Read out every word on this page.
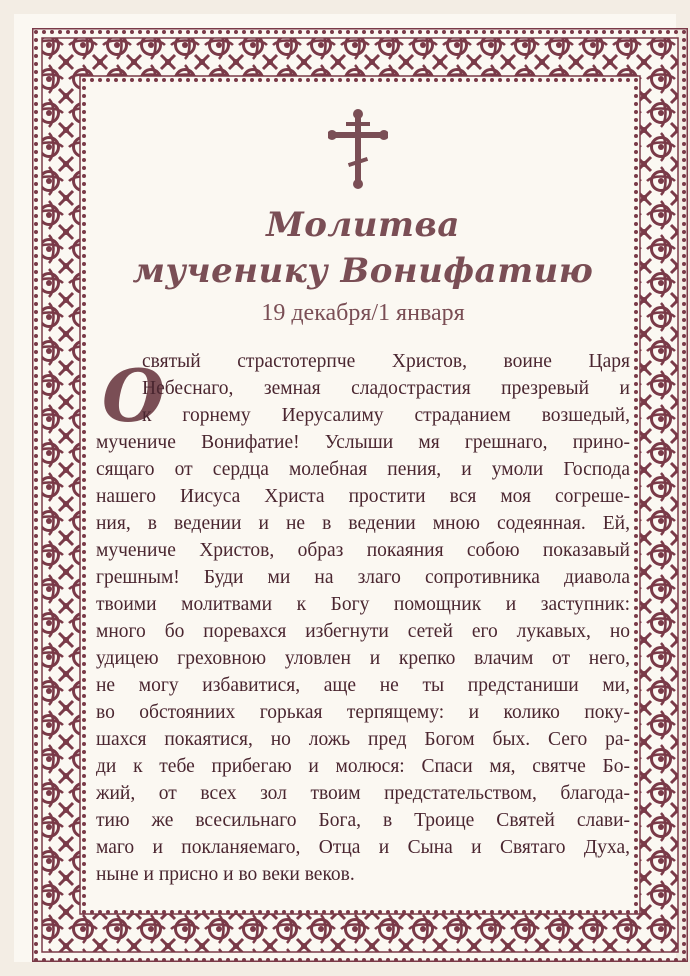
Молитва
мученику Вонифатию
19 декабря/1 января
О
святый страстотерпче Христов, воине Царя
Небеснаго, земная сладострастия презревый и
к горнему Иерусалиму страданием возшедый,
мучениче Вонифатие! Услыши мя грешнаго, прино-
сящаго от сердца молебная пения, и умоли Господа
нашего Иисуса Христа простити вся моя согреше-
ния, в ведении и не в ведении мною содеянная. Ей,
мучениче Христов, образ покаяния собою показавый
грешным! Буди ми на злаго сопротивника диавола
твоими молитвами к Богу помощник и заступник:
много бо поревахся избегнути сетей его лукавых, но
удицею греховною уловлен и крепко влачим от него,
не могу избавитися, аще не ты предстаниши ми,
во обстояниих горькая терпящему: и колико поку-
шахся покаятися, но ложь пред Богом бых. Сего ра-
ди к тебе прибегаю и молюся: Спаси мя, святче Бо-
жий, от всех зол твоим предстательством, благода-
тию же всесильнаго Бога, в Троице Святей слави-
маго и покланяемаго, Отца и Сына и Святаго Духа,
ныне и присно и во веки веков.
